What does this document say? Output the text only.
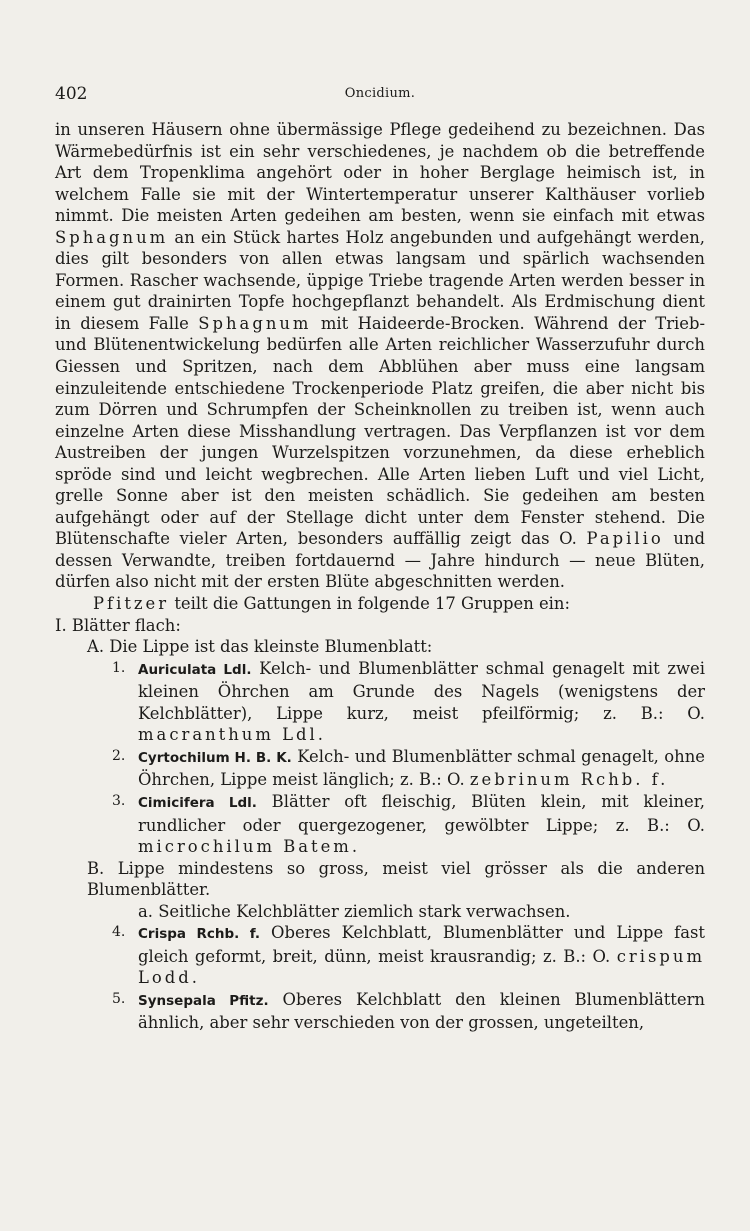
402	Oncidium.

in unseren Häusern ohne übermässige Pflege gedeihend zu bezeichnen. Das Wärmebedürfnis ist ein sehr verschiedenes, je nachdem ob die betreffende Art dem Tropenklima angehört oder in hoher Berglage heimisch ist, in welchem Falle sie mit der Wintertemperatur unserer Kalthäuser vorlieb nimmt. Die meisten Arten gedeihen am besten, wenn sie einfach mit etwas Sphagnum an ein Stück hartes Holz angebunden und aufgehängt werden, dies gilt besonders von allen etwas langsam und spärlich wachsenden Formen. Rascher wachsende, üppige Triebe tragende Arten werden besser in einem gut drainirten Topfe hochgepflanzt behandelt. Als Erdmischung dient in diesem Falle Sphagnum mit Haideerde-Brocken. Während der Trieb- und Blütenentwickelung bedürfen alle Arten reichlicher Wasserzufuhr durch Giessen und Spritzen, nach dem Abblühen aber muss eine langsam einzuleitende entschiedene Trockenperiode Platz greifen, die aber nicht bis zum Dörren und Schrumpfen der Scheinknollen zu treiben ist, wenn auch einzelne Arten diese Misshandlung vertragen. Das Verpflanzen ist vor dem Austreiben der jungen Wurzelspitzen vorzunehmen, da diese erheblich spröde sind und leicht wegbrechen. Alle Arten lieben Luft und viel Licht, grelle Sonne aber ist den meisten schädlich. Sie gedeihen am besten aufgehängt oder auf der Stellage dicht unter dem Fenster stehend. Die Blütenschafte vieler Arten, besonders auffällig zeigt das O. Papilio und dessen Verwandte, treiben fortdauernd — Jahre hindurch — neue Blüten, dürfen also nicht mit der ersten Blüte abgeschnitten werden.

Pfitzer teilt die Gattungen in folgende 17 Gruppen ein:

I. Blätter flach:

A. Die Lippe ist das kleinste Blumenblatt:

1. Auriculata Ldl. Kelch- und Blumenblätter schmal genagelt mit zwei kleinen Öhrchen am Grunde des Nagels (wenigstens der Kelchblätter), Lippe kurz, meist pfeilförmig; z. B.: O. macranthum Ldl.

2. Cyrtochilum H. B. K. Kelch- und Blumenblätter schmal genagelt, ohne Öhrchen, Lippe meist länglich; z. B.: O. zebrinum Rchb. f.

3. Cimicifera Ldl. Blätter oft fleischig, Blüten klein, mit kleiner, rundlicher oder quergezogener, gewölbter Lippe; z. B.: O. microchilum Batem.

B. Lippe mindestens so gross, meist viel grösser als die anderen Blumenblätter.

a. Seitliche Kelchblätter ziemlich stark verwachsen.

4. Crispa Rchb. f. Oberes Kelchblatt, Blumenblätter und Lippe fast gleich geformt, breit, dünn, meist krausrandig; z. B.: O. crispum Lodd.

5. Synsepala Pfitz. Oberes Kelchblatt den kleinen Blumenblättern ähnlich, aber sehr verschieden von der grossen, ungeteilten,
